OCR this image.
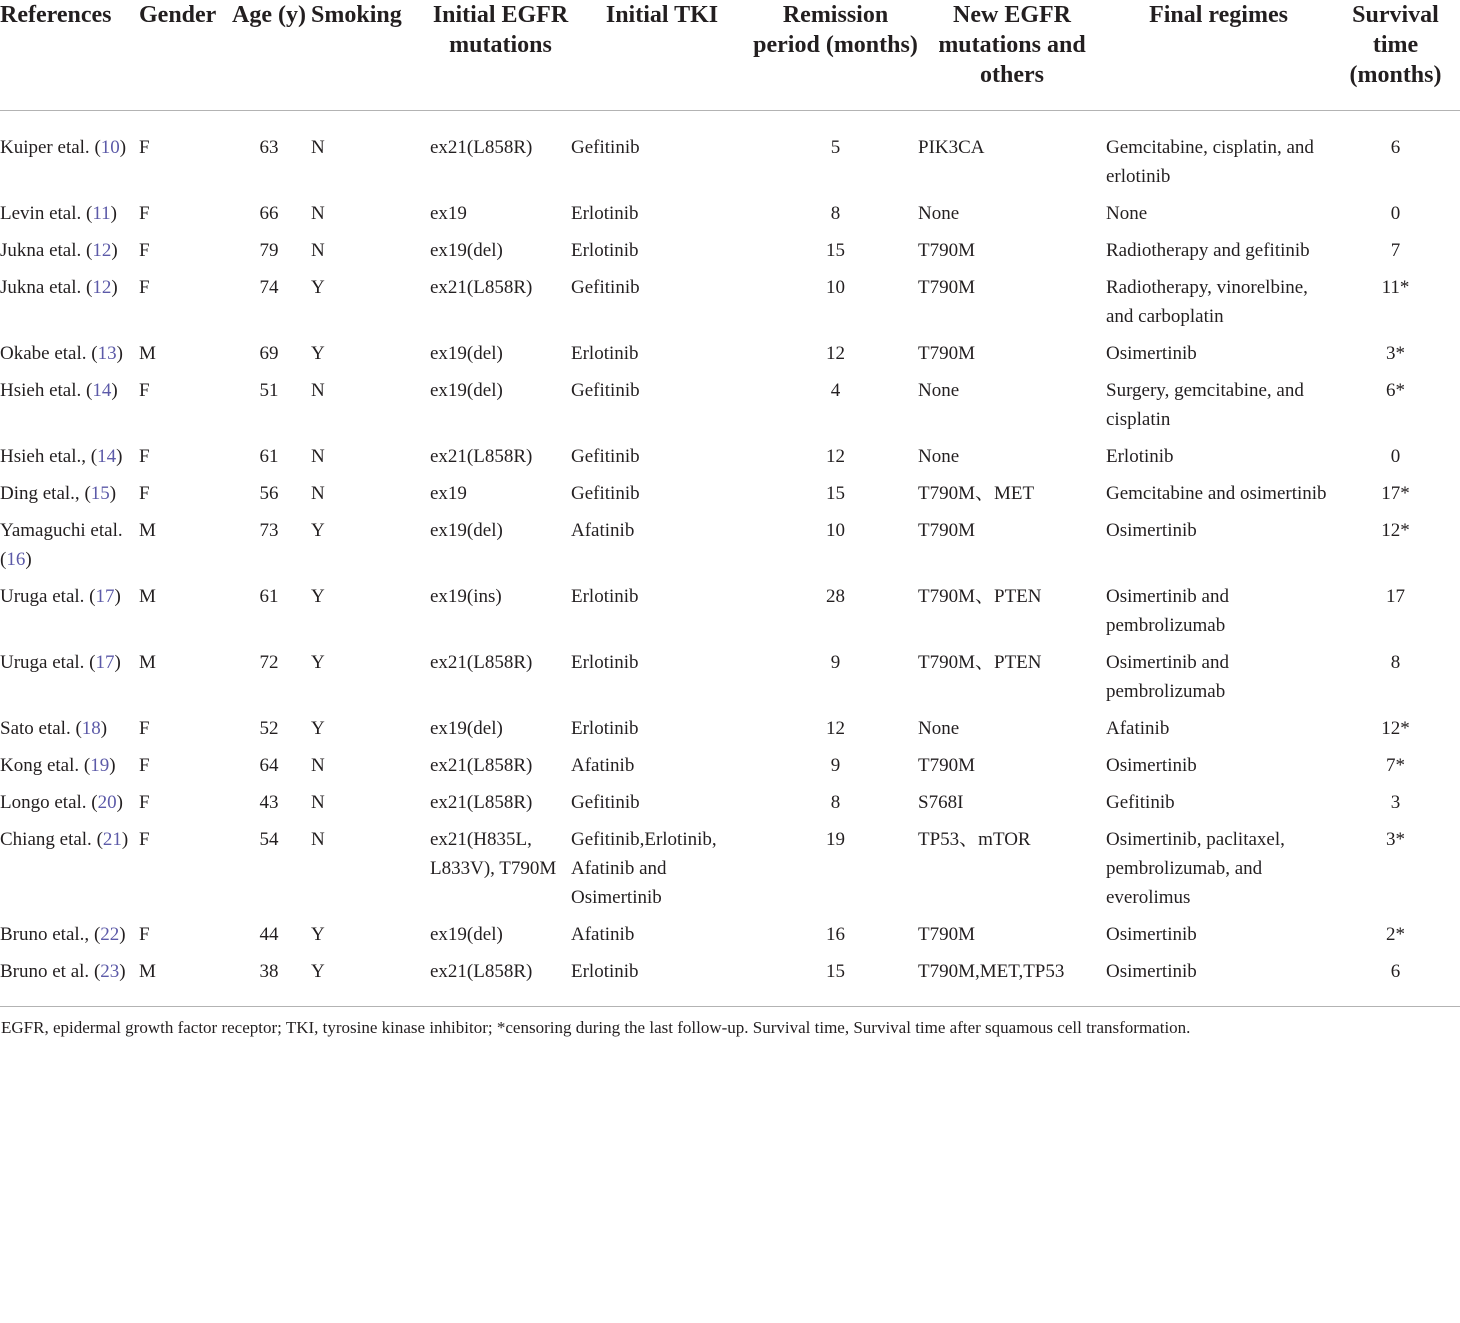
References	Gender	Age (y)	Smoking	Initial EGFR mutations	Initial TKI	Remission period (months)	New EGFR mutations and others	Final regimes	Survival time (months)
Kuiper etal. (10)	F	63	N	ex21(L858R)	Gefitinib	5	PIK3CA	Gemcitabine, cisplatin, and erlotinib	6
Levin etal. (11)	F	66	N	ex19	Erlotinib	8	None	None	0
Jukna etal. (12)	F	79	N	ex19(del)	Erlotinib	15	T790M	Radiotherapy and gefitinib	7
Jukna etal. (12)	F	74	Y	ex21(L858R)	Gefitinib	10	T790M	Radiotherapy, vinorelbine, and carboplatin	11*
Okabe etal. (13)	M	69	Y	ex19(del)	Erlotinib	12	T790M	Osimertinib	3*
Hsieh etal. (14)	F	51	N	ex19(del)	Gefitinib	4	None	Surgery, gemcitabine, and cisplatin	6*
Hsieh etal., (14)	F	61	N	ex21(L858R)	Gefitinib	12	None	Erlotinib	0
Ding etal., (15)	F	56	N	ex19	Gefitinib	15	T790M、MET	Gemcitabine and osimertinib	17*
Yamaguchi etal. (16)	M	73	Y	ex19(del)	Afatinib	10	T790M	Osimertinib	12*
Uruga etal. (17)	M	61	Y	ex19(ins)	Erlotinib	28	T790M、PTEN	Osimertinib and pembrolizumab	17
Uruga etal. (17)	M	72	Y	ex21(L858R)	Erlotinib	9	T790M、PTEN	Osimertinib and pembrolizumab	8
Sato etal. (18)	F	52	Y	ex19(del)	Erlotinib	12	None	Afatinib	12*
Kong etal. (19)	F	64	N	ex21(L858R)	Afatinib	9	T790M	Osimertinib	7*
Longo etal. (20)	F	43	N	ex21(L858R)	Gefitinib	8	S768I	Gefitinib	3
Chiang etal. (21)	F	54	N	ex21(H835L, L833V), T790M	Gefitinib,Erlotinib, Afatinib and Osimertinib	19	TP53、mTOR	Osimertinib, paclitaxel, pembrolizumab, and everolimus	3*
Bruno etal., (22)	F	44	Y	ex19(del)	Afatinib	16	T790M	Osimertinib	2*
Bruno et al. (23)	M	38	Y	ex21(L858R)	Erlotinib	15	T790M,MET,TP53	Osimertinib	6
EGFR, epidermal growth factor receptor; TKI, tyrosine kinase inhibitor; *censoring during the last follow-up. Survival time, Survival time after squamous cell transformation.									
